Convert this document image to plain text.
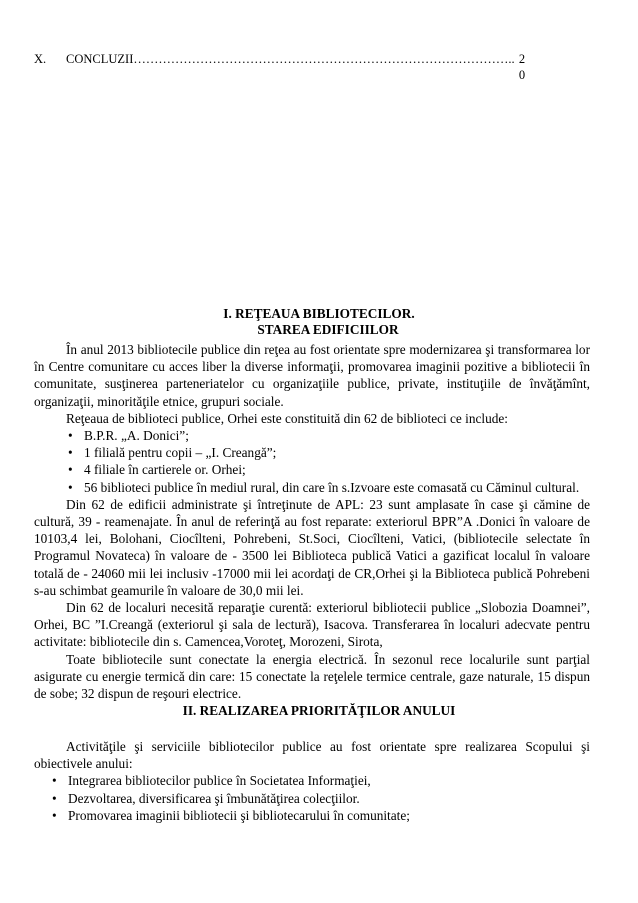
X. CONCLUZII……………………………………………………………………………….. 2
0
I. REŢEAUA BIBLIOTECILOR.
STAREA EDIFICIILOR

În anul 2013 bibliotecile publice din reţea au fost orientate spre modernizarea şi transformarea lor în Centre comunitare cu acces liber la diverse informaţii, promovarea imaginii pozitive a bibliotecii în comunitate, susţinerea parteneriatelor cu organizaţiile publice, private, instituţiile de învăţămînt, organizaţii, minorităţile etnice, grupuri sociale.

Reţeaua de biblioteci publice, Orhei este constituită din 62 de biblioteci ce include:

• B.P.R. „A. Donici”;

• 1 filială pentru copii – „I. Creangă”;

• 4 filiale în cartierele or. Orhei;

• 56 biblioteci publice în mediul rural, din care în s.Izvoare este comasată cu Căminul cultural.

Din 62 de edificii administrate şi întreţinute de APL: 23 sunt amplasate în case şi cămine de cultură, 39 - reamenajate. În anul de referinţă au fost reparate: exteriorul BPR”A .Donici în valoare de 10103,4 lei, Bolohani, Ciocîlteni, Pohrebeni, St.Soci, Ciocîlteni, Vatici, (bibliotecile selectate în Programul Novateca) în valoare de - 3500 lei Biblioteca publică Vatici a gazificat localul în valoare totală de - 24060 mii lei inclusiv -17000 mii lei acordaţi de CR,Orhei şi la Biblioteca publică Pohrebeni s-au schimbat geamurile în valoare de 30,0 mii lei.

Din 62 de localuri necesită reparaţie curentă: exteriorul bibliotecii publice „Slobozia Doamnei”, Orhei, BC ”I.Creangă (exteriorul şi sala de lectură), Isacova. Transferarea în localuri adecvate pentru activitate: bibliotecile din s. Camencea,Voroteţ, Morozeni, Sirota,

Toate bibliotecile sunt conectate la energia electrică. În sezonul rece localurile sunt parţial asigurate cu energie termică din care: 15 conectate la reţelele termice centrale, gaze naturale, 15 dispun de sobe; 32 dispun de reşouri electrice.

II. REALIZAREA PRIORITĂŢILOR ANULUI

Activităţile şi serviciile bibliotecilor publice au fost orientate spre realizarea Scopului şi obiectivele anului:

• Integrarea bibliotecilor publice în Societatea Informaţiei,

• Dezvoltarea, diversificarea şi îmbunătăţirea colecţiilor.

• Promovarea imaginii bibliotecii şi bibliotecarului în comunitate;
